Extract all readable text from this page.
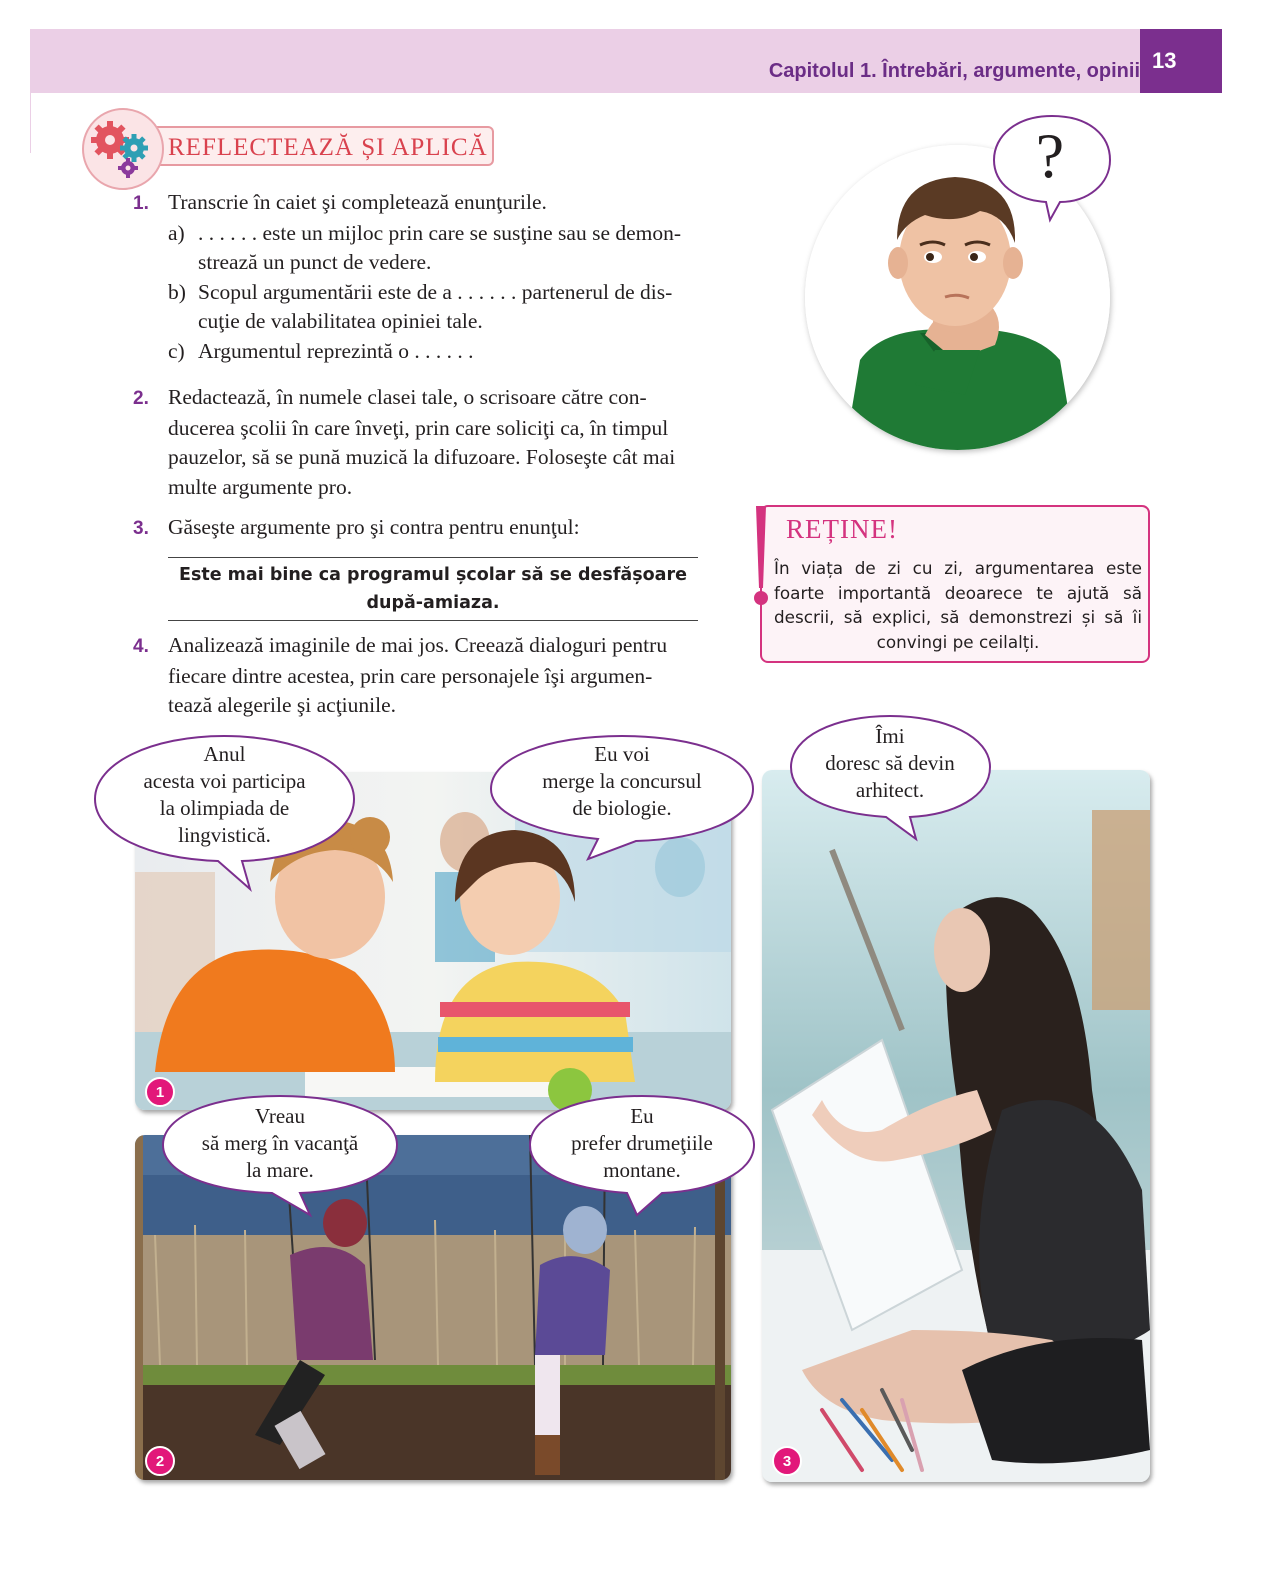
Capitolul 1. Întrebări, argumente, opinii 13
REFLECTEAZĂ ȘI APLICĂ
1. Transcrie în caiet şi completează enunţurile.
a) . . . . . . este un mijloc prin care se susţine sau se demon-
strează un punct de vedere.
b) Scopul argumentării este de a . . . . . . partenerul de dis-
cuţie de valabilitatea opiniei tale.
c) Argumentul reprezintă o . . . . . .
2. Redactează, în numele clasei tale, o scrisoare către con-
ducerea şcolii în care înveţi, prin care soliciţi ca, în timpul
pauzelor, să se pună muzică la difuzoare. Foloseşte cât mai
multe argumente pro.
3. Găseşte argumente pro şi contra pentru enunţul:
Este mai bine ca programul școlar să se desfășoare
după-amiaza.
4. Analizează imaginile de mai jos. Creează dialoguri pentru
fiecare dintre acestea, prin care personajele îşi argumen-
tează alegerile şi acţiunile.
?
REȚINE!
În viața de zi cu zi, argumentarea este foarte importantă deoarece te ajută să descrii, să explici, să demonstrezi și să îi convingi pe ceilalți.
1
2	3
Anul
acesta voi participa
la olimpiada de
lingvistică.
Eu voi
merge la concursul
de biologie.
Vreau
să merg în vacanţă
la mare.
Eu
prefer drumeţiile
montane.
Îmi
doresc să devin
arhitect.
